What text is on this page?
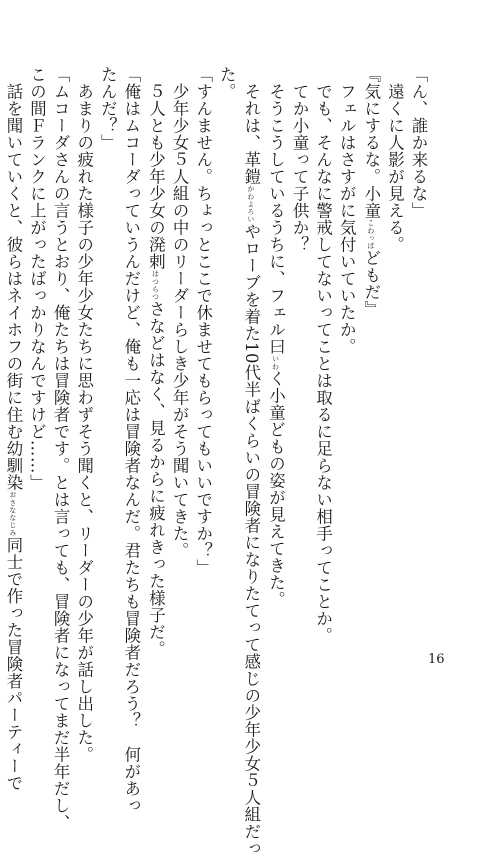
「ん、誰か来るな」
　遠くに人影が見える。
『気にするな。小童こわっぱどもだ』
　フェルはさすがに気付いていたか。
　でも、そんなに警戒してないってことは取るに足らない相手ってことか。
　てか小童って子供か？
　そうこうしているうちに、フェル曰いわく小童どもの姿が見えてきた。
　それは、革鎧かわよろいやローブを着た10代半ばくらいの冒険者になりたてって感じの少年少女５人組だっ
た。
「すんません。ちょっとここで休ませてもらってもいいですか？」
　少年少女５人組の中のリーダーらしき少年がそう聞いてきた。
　５人とも少年少女の溌剌はつらつさなどはなく、見るからに疲れきった様子だ。
「俺はムコーダっていうんだけど、俺も一応は冒険者なんだ。君たちも冒険者だろう？　何があっ
たんだ？」
　あまりの疲れた様子の少年少女たちに思わずそう聞くと、リーダーの少年が話し出した。
「ムコーダさんの言うとおり、俺たちは冒険者です。とは言っても、冒険者になってまだ半年だし、
この間Ｆランクに上がったばっかりなんですけど……」
　話を聞いていくと、彼らはネイホフの街に住む幼馴染おさななじみ同士で作った冒険者パーティーで	16
